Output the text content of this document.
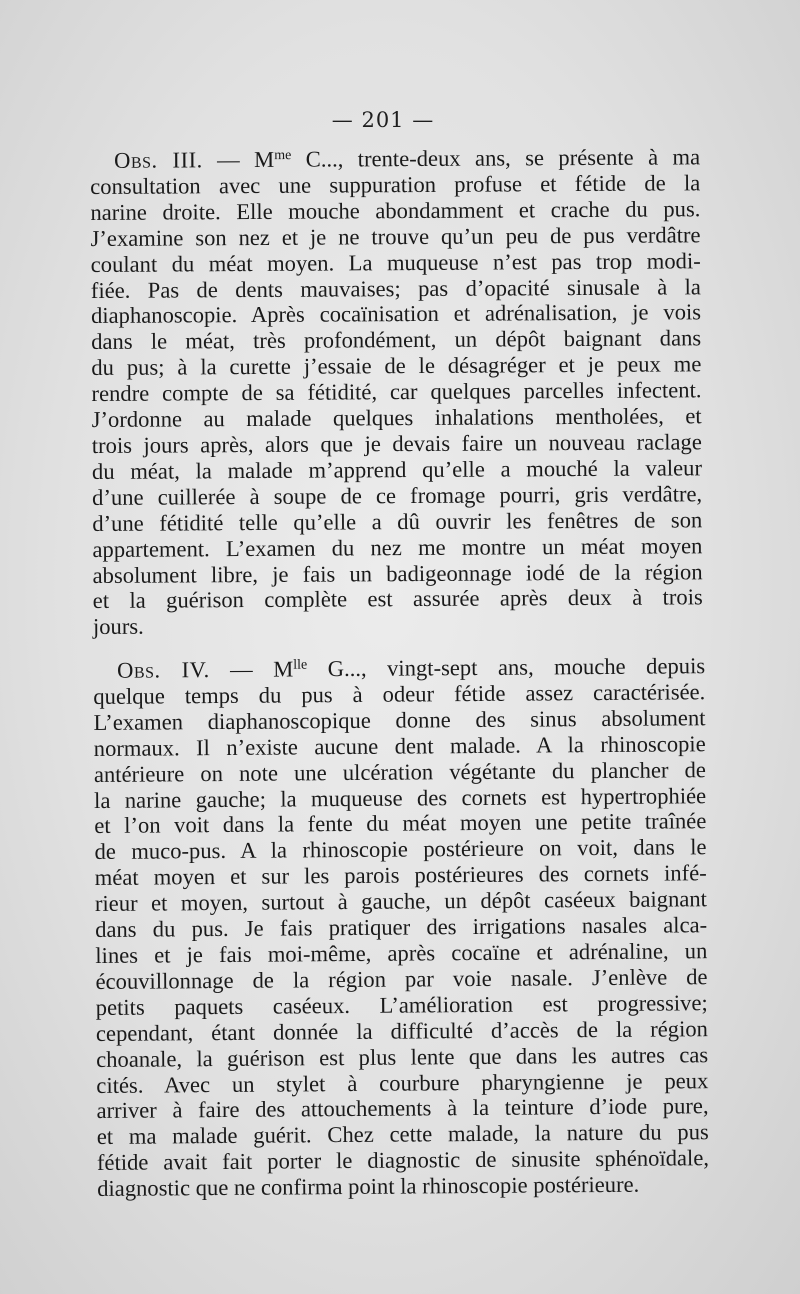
— 201 —
Obs. III. — $M^{me}$ C..., trente-deux ans, se présente à ma
consultation avec une suppuration profuse et fétide de la
narine droite. Elle mouche abondamment et crache du pus.
J’examine son nez et je ne trouve qu’un peu de pus verdâtre
coulant du méat moyen. La muqueuse n’est pas trop modi-
fiée. Pas de dents mauvaises; pas d’opacité sinusale à la
diaphanoscopie. Après cocaïnisation et adrénalisation, je vois
dans le méat, très profondément, un dépôt baignant dans
du pus; à la curette j’essaie de le désagréger et je peux me
rendre compte de sa fétidité, car quelques parcelles infectent.
J’ordonne au malade quelques inhalations mentholées, et
trois jours après, alors que je devais faire un nouveau raclage
du méat, la malade m’apprend qu’elle a mouché la valeur
d’une cuillerée à soupe de ce fromage pourri, gris verdâtre,
d’une fétidité telle qu’elle a dû ouvrir les fenêtres de son
appartement. L’examen du nez me montre un méat moyen
absolument libre, je fais un badigeonnage iodé de la région
et la guérison complète est assurée après deux à trois
jours.
Obs. IV. — $M^{lle}$ G..., vingt-sept ans, mouche depuis
quelque temps du pus à odeur fétide assez caractérisée.
L’examen diaphanoscopique donne des sinus absolument
normaux. Il n’existe aucune dent malade. A la rhinoscopie
antérieure on note une ulcération végétante du plancher de
la narine gauche; la muqueuse des cornets est hypertrophiée
et l’on voit dans la fente du méat moyen une petite traînée
de muco-pus. A la rhinoscopie postérieure on voit, dans le
méat moyen et sur les parois postérieures des cornets infé-
rieur et moyen, surtout à gauche, un dépôt caséeux baignant
dans du pus. Je fais pratiquer des irrigations nasales alca-
lines et je fais moi-même, après cocaïne et adrénaline, un
écouvillonnage de la région par voie nasale. J’enlève de
petits paquets caséeux. L’amélioration est progressive;
cependant, étant donnée la difficulté d’accès de la région
choanale, la guérison est plus lente que dans les autres cas
cités. Avec un stylet à courbure pharyngienne je peux
arriver à faire des attouchements à la teinture d’iode pure,
et ma malade guérit. Chez cette malade, la nature du pus
fétide avait fait porter le diagnostic de sinusite sphénoïdale,
diagnostic que ne confirma point la rhinoscopie postérieure.
